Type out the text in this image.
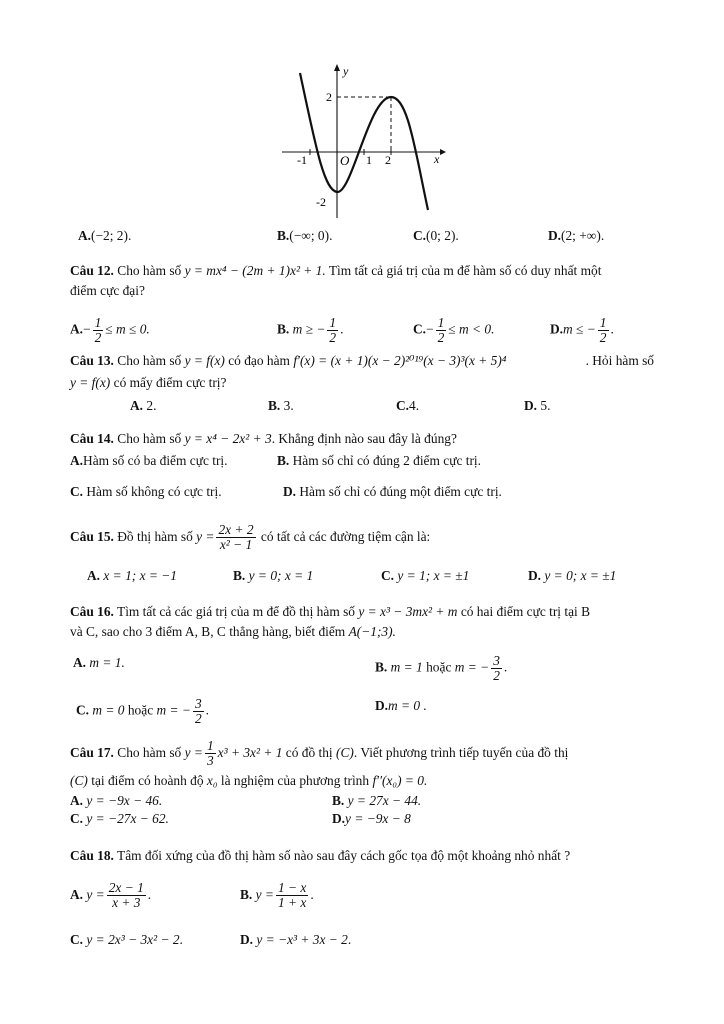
y
x
O
-1	1 2
2
-2
A.(−2; 2).	B.(−∞; 0).	C.(0; 2).	D.(2; +∞).
Câu 12. Cho hàm số y = mx⁴ − (2m + 1)x² + 1. Tìm tất cả giá trị của m để hàm số có duy nhất một
điểm cực đại?
$A.- \frac{1}{2} \le m \le 0$.	B. m ≥ − $\frac{1}{2}$ .	$C.- \frac{1}{2} \le m < 0$.	D.m ≤ − $\frac{1}{2}$ .
Câu 13. Cho hàm số y = f(x) có đạo hàm f′(x) = (x + 1)(x − 2)²⁰¹⁹(x − 3)³(x + 5)⁴	. Hỏi hàm số
y = f(x) có mấy điểm cực trị?
A. 2.	B. 3.	C.4.	D. 5.
Câu 14. Cho hàm số y = x⁴ − 2x² + 3. Khẳng định nào sau đây là đúng?
A.Hàm số có ba điểm cực trị.	B. Hàm số chỉ có đúng 2 điểm cực trị.
C. Hàm số không có cực trị.	D. Hàm số chỉ có đúng một điểm cực trị.
Câu 15. Đồ thị hàm số $y = \frac{2x + 2}{\text{x² − 1}}$ có tất cả các đường tiệm cận là:
A. x = 1; x = −1	B. y = 0; x = 1	C. y = 1; x = ±1	D. y = 0; x = ±1
Câu 16. Tìm tất cả các giá trị của m để đồ thị hàm số y = x³ − 3mx² + m có hai điểm cực trị tại B
và C, sao cho 3 điểm A, B, C thẳng hàng, biết điểm A(−1;3).
A. m = 1.	B. m = 1 hoặc m = − $\frac{3}{2}$ .
C. m = 0 hoặc m = − $\frac{3}{2}$ .	D.m = 0 .
Câu 17. Cho hàm số $y = \frac{1}{3} x^3 + 3x^2 + 1$ có đồ thị (C). Viết phương trình tiếp tuyến của đồ thị
(C) tại điểm có hoành độ x₀ là nghiệm của phương trình f′′(x₀) = 0.
A. y = −9x − 46.	B. y = 27x − 44.
C. y = −27x − 62.	D.y = −9x − 8
Câu 18. Tâm đối xứng của đồ thị hàm số nào sau đây cách gốc tọa độ một khoảng nhỏ nhất ?
A. $y = \frac{2x - 1}{x + 3}$ .	B. $y = \frac{1 - x}{1 + x}$ .
C. y = 2x³ − 3x² − 2.	D. y = −x³ + 3x − 2.
